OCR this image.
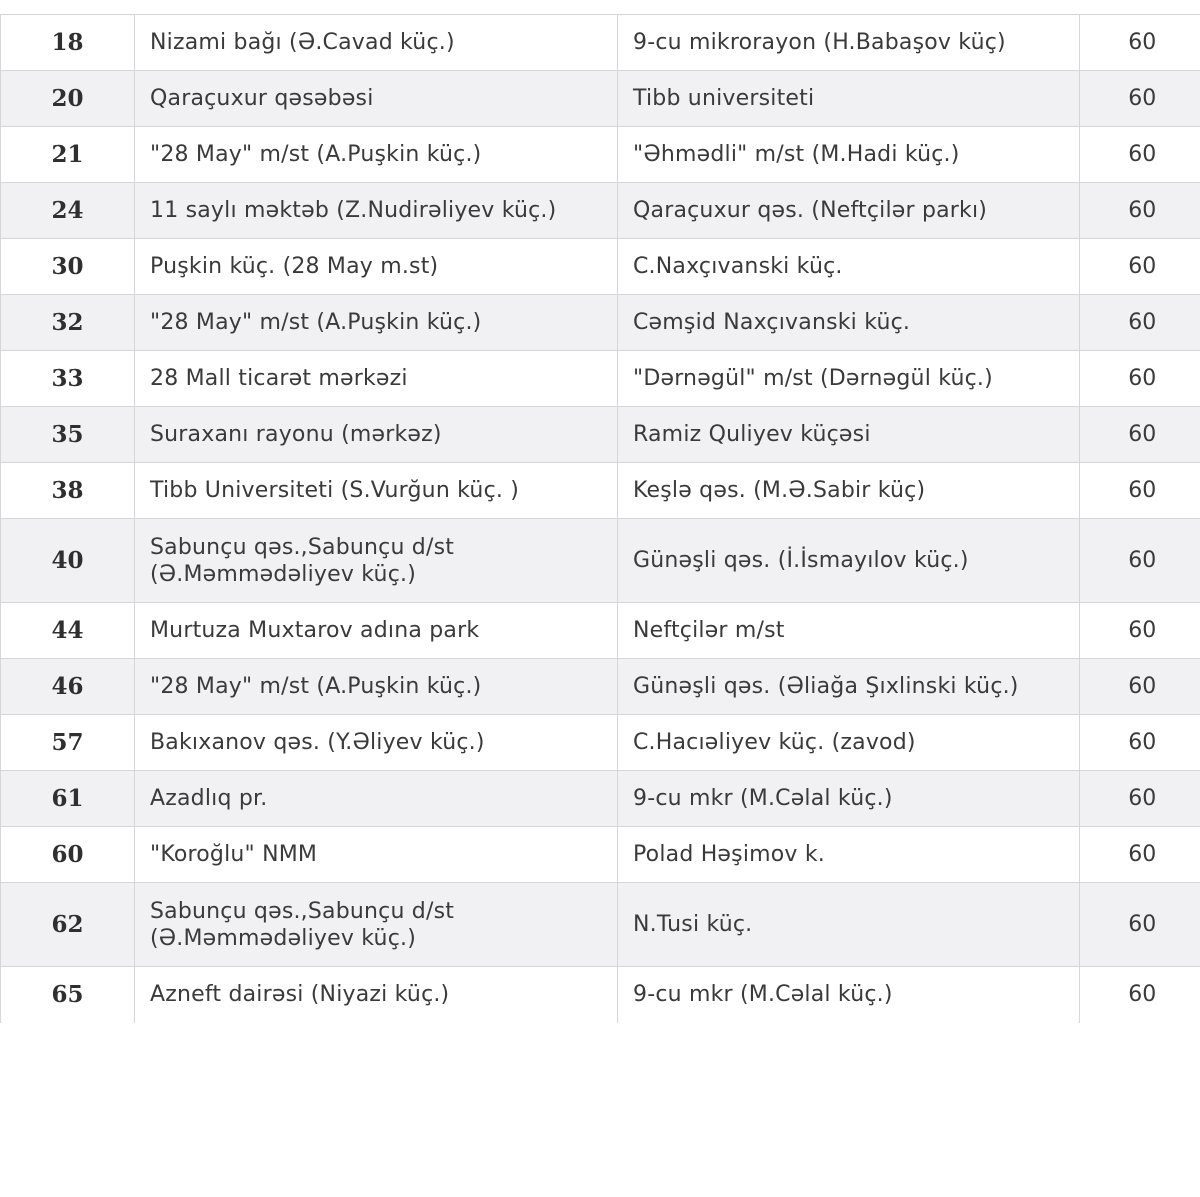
18	Nizami bağı (Ə.Cavad küç.)	9-cu mikrorayon (H.Babaşov küç)	60
20	Qaraçuxur qəsəbəsi	Tibb universiteti	60
21	"28 May" m/st (A.Puşkin küç.)	"Əhmədli" m/st (M.Hadi küç.)	60
24	11 saylı məktəb (Z.Nudirəliyev küç.)	Qaraçuxur qəs. (Neftçilər parkı)	60
30	Puşkin küç. (28 May m.st)	C.Naxçıvanski küç.	60
32	"28 May" m/st (A.Puşkin küç.)	Cəmşid Naxçıvanski küç.	60
33	28 Mall ticarət mərkəzi	"Dərnəgül" m/st (Dərnəgül küç.)	60
35	Suraxanı rayonu (mərkəz)	Ramiz Quliyev küçəsi	60
38	Tibb Universiteti (S.Vurğun küç. )	Keşlə qəs. (M.Ə.Sabir küç)	60
40	Sabunçu qəs.,Sabunçu d/st
(Ə.Məmmədəliyev küç.)	Günəşli qəs. (İ.İsmayılov küç.)	60
44	Murtuza Muxtarov adına park	Neftçilər m/st	60
46	"28 May" m/st (A.Puşkin küç.)	Günəşli qəs. (Əliağa Şıxlinski küç.)	60
57	Bakıxanov qəs. (Y.Əliyev küç.)	C.Hacıəliyev küç. (zavod)	60
61	Azadlıq pr.	9-cu mkr (M.Cəlal küç.)	60
60	"Koroğlu" NMM	Polad Həşimov k.	60
62	Sabunçu qəs.,Sabunçu d/st
(Ə.Məmmədəliyev küç.)	N.Tusi küç.	60
65	Azneft dairəsi (Niyazi küç.)	9-cu mkr (M.Cəlal küç.)	60
